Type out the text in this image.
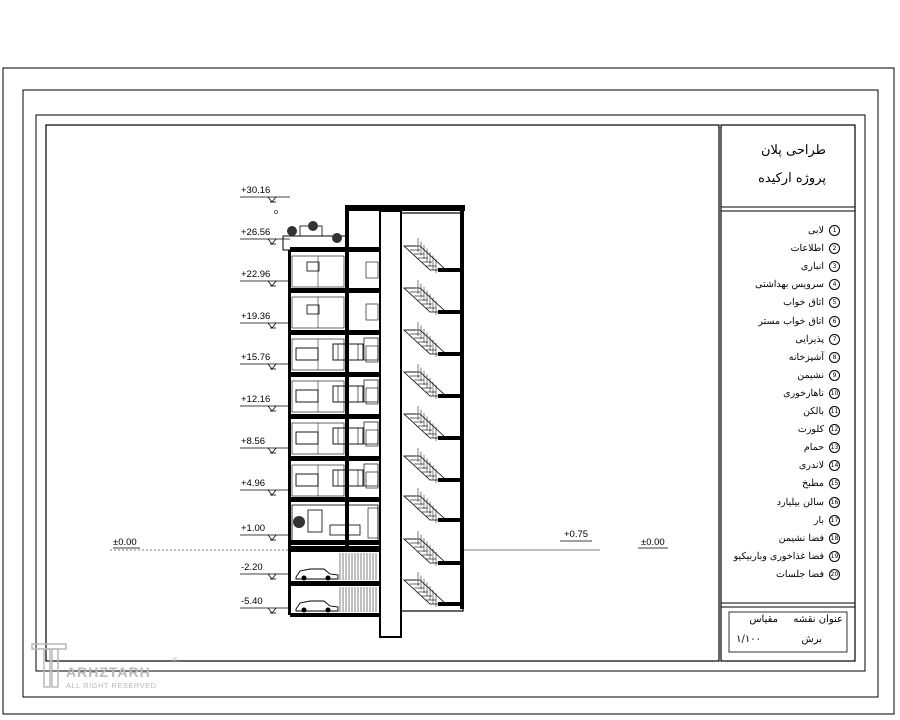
طراحی پلان
پروژه ارکیده
1
لابی
2
اطلاعات
3
انباری
4
سرویس بهداشتی
5
اتاق خواب
6
اتاق خواب مستر
7
پذیرایی
8
آشپزخانه
9
نشیمن
10
ناهارخوری
11
بالکن
12
کلوزت
13
حمام
14
لاندری
15
مطبخ
16
سالن بیلیارد
17
بار
18
فضا نشیمن
19
فضا غذاخوری وباربیکیو
20
فضا جلسات
عنوان نقشه
مقیاس
برش
۱/۱۰۰
+30.16
+26.56
+22.96
+19.36
+15.76
+12.16
+8.56
+4.96
+1.00
-2.20
-5.40
±0.00
+0.75
±0.00
ARHZTARH
®
ALL RIGHT RESERVED
